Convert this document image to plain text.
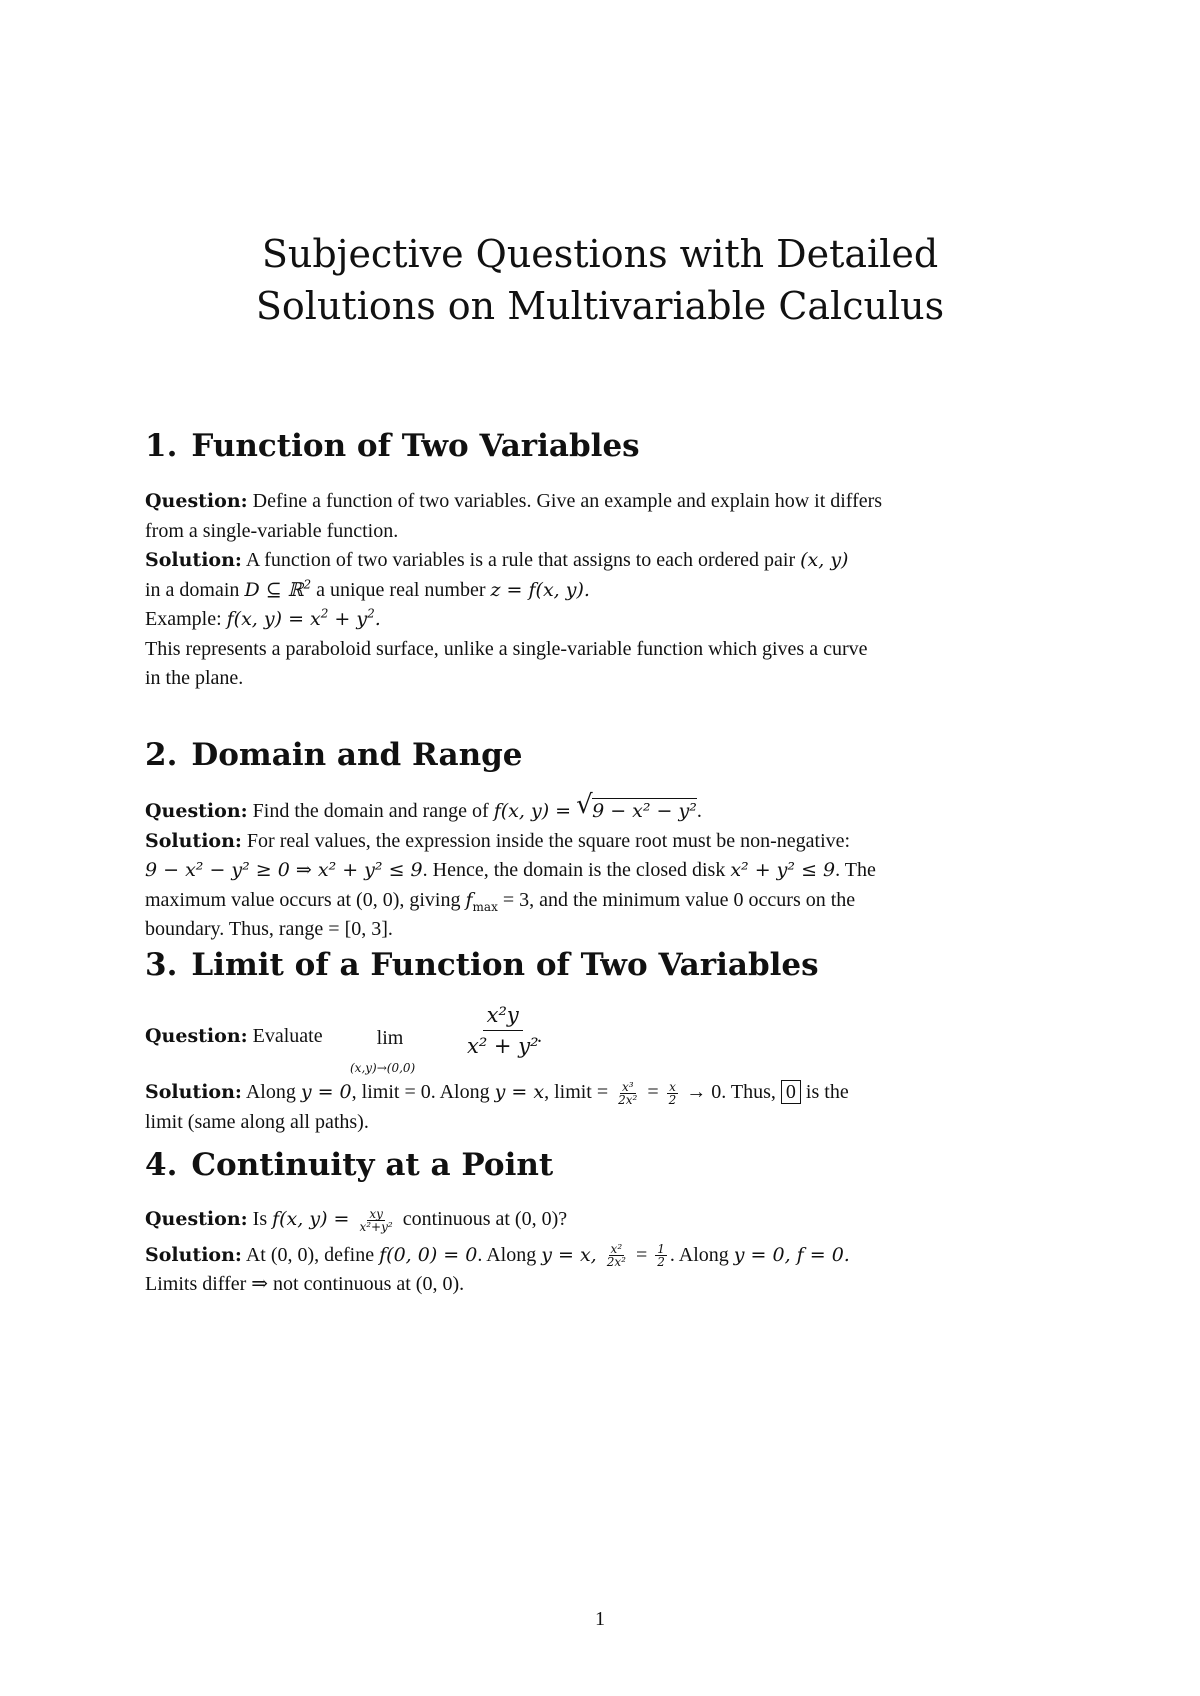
Subjective Questions with Detailed
Solutions on Multivariable Calculus
1. Function of Two Variables
Question: Define a function of two variables. Give an example and explain how it differs
from a single-variable function.
Solution: A function of two variables is a rule that assigns to each ordered pair (x, y)
in a domain D ⊆ ℝ$^2$ a unique real number z = f(x, y).
Example: f(x, $y) = x^2 + y^2$.
This represents a paraboloid surface, unlike a single-variable function which gives a curve
in the plane.
2. Domain and Range
Question: Find the domain and range of f(x, y) = √ 9 − x² − y².
Solution: For real values, the expression inside the square root must be non-negative:
9 − x² − y² ≥ 0 ⇒ x² + y² ≤ 9. Hence, the domain is the closed disk x² + y² ≤ 9. The
maximum value occurs at (0, 0), giving $f_{max} = 3$, and the minimum value 0 occurs on the
boundary. Thus, range = [0, 3].
3. Limit of a Function of Two Variables
Question: Evaluate	lim
(x,y)→(0,0)
x²y
x² + y²
.
Solution: Along y = 0, limit = 0. Along y = x, limit = $\frac{\text{x³}}{\text{2x²}} = \frac{x}{2} \to 0$. Thus, 0 is the
limit (same along all paths).
4. Continuity at a Point
Question: Is f(x, $y) = \frac{xy}{\text{x²+y²}}$ continuous at (0, 0)?
Solution: At (0, 0), define f(0, 0) = 0. Along y = x, $\frac{\text{x²}}{\text{2x²}} = \frac{1}{2}$ . Along y = 0, f = 0.
Limits differ ⇒ not continuous at (0, 0).
1
